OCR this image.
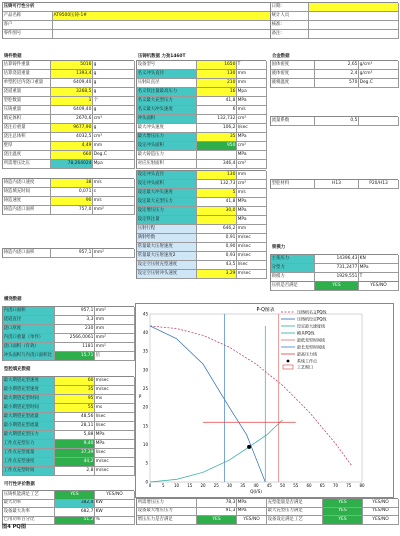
压铸可行性分析
产品名称	AT9500压铸-1#
客户
零件图号
日期:
统计人员
核准:
备注:
铸件数据
估算铸件重量	5016 g
估算浇道重量	1393,4 g
单型腔过内浇口重量	6409,40 g
浇道重量	3268,5 g
型腔数量	1 个
压铸重量	6409,40 g
填充体积	2670,6 cm³
浇注后重量	9677,90 g
浇注总体积	4032,5 cm³
壁厚	4,49 mm
浇注温度	660 Deg.C
所需增压比压	78,264024 Mpa
压铸机数据 力劲1460T
设备型号	1650 T
名义冲头直径	130 mm
压射缸直径	210 mm
名义铁注量最高压力	16 Mpa
名义最大充型压力	41,8 MPa
名义最大冲头速度	6 m/s
冲头面积	132,732 cm²
最大冲头速度	106,2 l/sec
最大增压压力	35 MPa
设定冲头面积	950 cm²
最大铸造压力	MPa
对应压射面积	346,4 cm²
合金数据
固体密度	2,65 g/cm³
液体密度	2,4 g/cm³
液相温度	570 Deg.C
流量系数	0,5
型腔材料	H13	P20/H13
铸造内浇口速度	38 m/s
铸造填充时间	0,071 s
铸造速度	90 m/s
铸造内浇口面积	757,0 mm²
铸造内浇口面积	957,1 mm²
设定冲头直径	130 mm
设定冲头面积	132,73 cm²
设定最大冲头速度	5 m/s
设定最大充型压力	41,8 MPa
设定增压压力	30,0 MPa
设定铁注量	MPa
压射行程	646,2 mm
满射给数	0,91 m/sec
常量最大压射速度	0,90 m/sec
常量最大压射速度2	0,93 m/sec
设定空压射充型速度	43,5 l/sec
设定空压射冲头速度	3,29 m/sec
锁模力
主张压力	14396,43 KN
分型力	731,2477 MPa
锁模力	1929,551 T
压机是否满足	YES	YES/NO
横浇数据
内浇口面积	957,1 mm²
浇道直径	3,3 mm
浇口厚度	230 mm
内浇口重量（单件）	2566,0061 mm²
浇口面积（有效）	1181 mm²
冲头面积与内浇口面积比	15,71 倍
型腔填充数据
最大期望充型速度	60 m/sec
最小期望充型速度	35 m/sec
最大期望充型时间	95 ms
最小期望充型时间	55 ms
最大期望充型流量	48,56 l/sec
最小期望充型流量	28,11 l/sec
最大期望充型压力	5,88 MPa
工作点充型压力	9,40 MPa
工作点充型流量	37,39 l/sec
工作点充型速度	44,2 m/sec
工作点充型时间	2,8 m/sec
可行性评价数据
压铸机能满足工艺	YES	YES/NO
最大功率	382,4 KW
设备最大功率	682,7 KW
已用功率百分比	51,3 %
所需增压压力	78,3 MPa	充型能量是否满足	YES	YES/NO
设备最大增压压力	91,3 MPa	最大充型压力满足	YES	YES/NO
增压压力是否满足	YES	YES/NO	设备设定满足工艺	YES	YES/NO
P-Q图表
0
5
10
15
20
25
30
35
40
45
0	5 10 15 20 25 30 35 40 45 50 55 60 65 70 75 80
Q(l/S)
P
压铸机名义PQ线
压铸机设定PQ线
设定最大速度线
模具PQ线
最低充型时间线
最长充型时间线
最高压力线
系统工作点
工艺窗口
图4 PQ图
